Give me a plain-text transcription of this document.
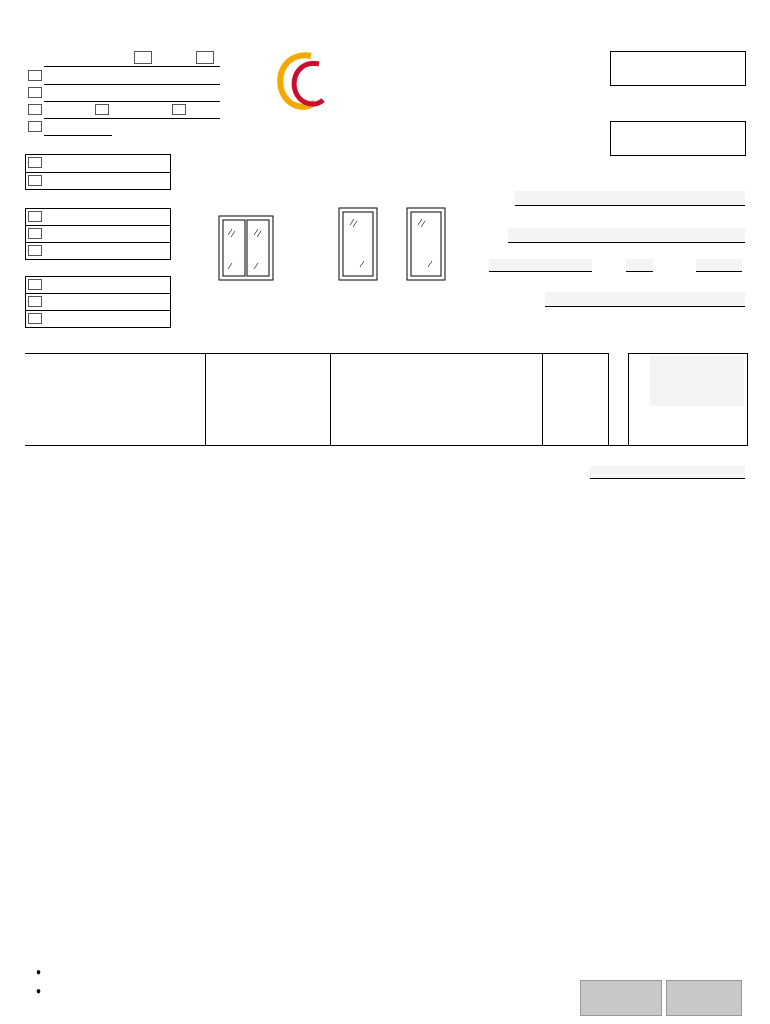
●
●
